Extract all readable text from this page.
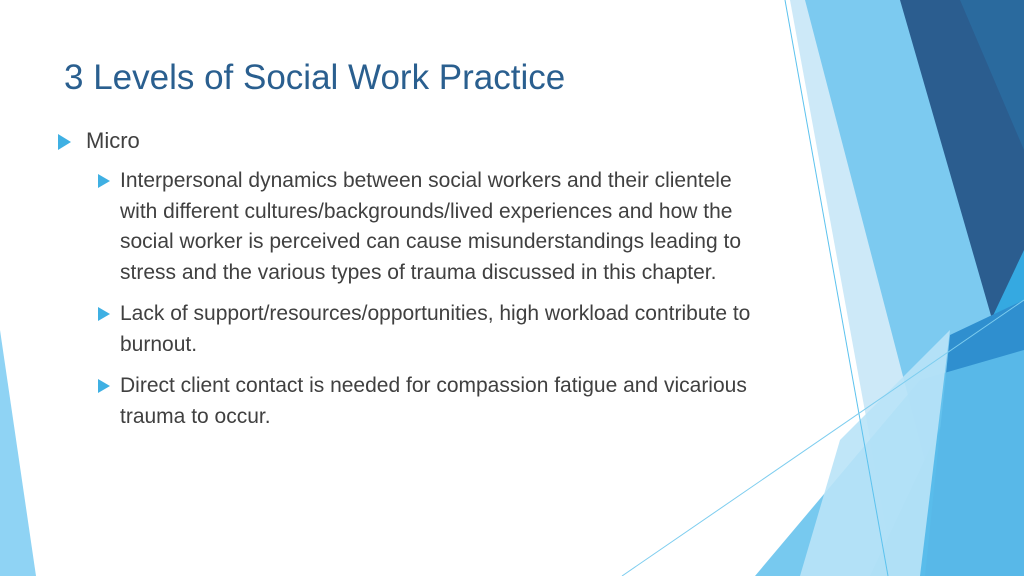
3 Levels of Social Work Practice
Micro
Interpersonal dynamics between social workers and their clientele with different cultures/backgrounds/lived experiences and how the social worker is perceived can cause misunderstandings leading to stress and the various types of trauma discussed in this chapter.
Lack of support/resources/opportunities, high workload contribute to burnout.
Direct client contact is needed for compassion fatigue and vicarious trauma to occur.
